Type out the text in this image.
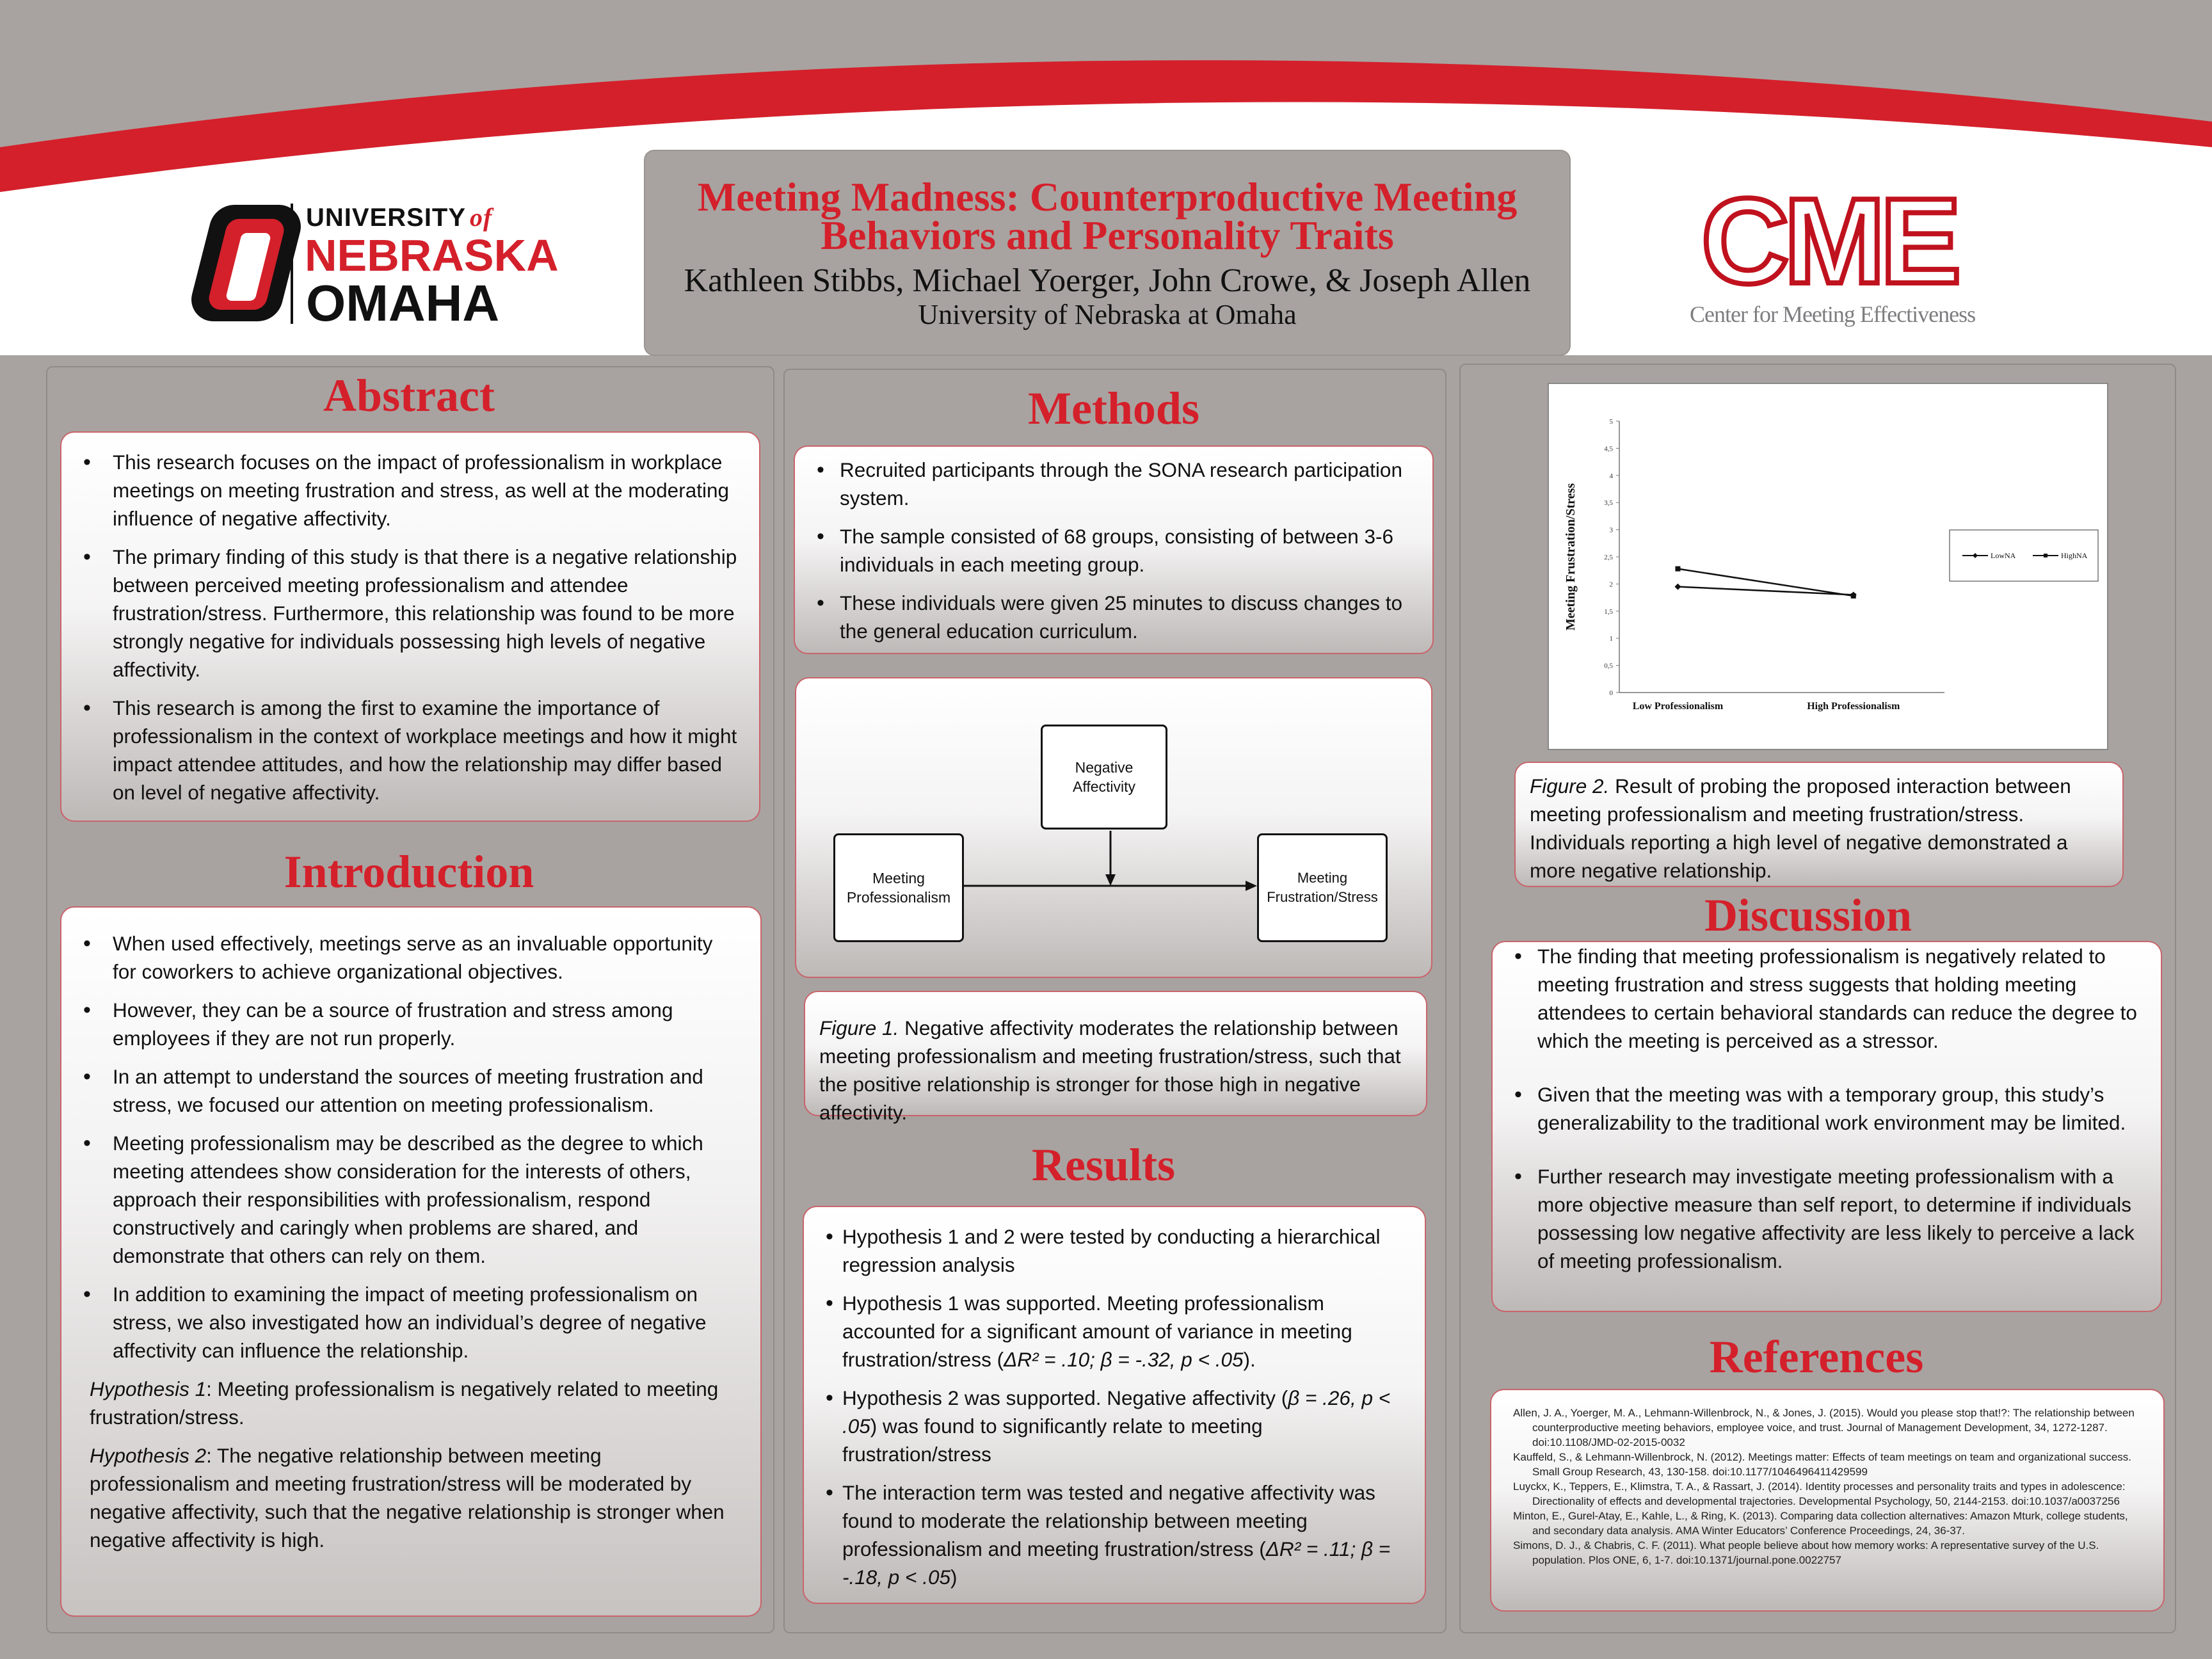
UNIVERSITY of
NEBRASKA
OMAHA
Meeting Madness: Counterproductive Meeting
Behaviors and Personality Traits
Kathleen Stibbs, Michael Yoerger, John Crowe, & Joseph Allen
University of Nebraska at Omaha
CME
Center for Meeting Effectiveness
Abstract
• This research focuses on the impact of professionalism in workplace meetings on meeting frustration and stress, as well at the moderating influence of negative affectivity.
• The primary finding of this study is that there is a negative relationship between perceived meeting professionalism and attendee frustration/stress. Furthermore, this relationship was found to be more strongly negative for individuals possessing high levels of negative affectivity.
• This research is among the first to examine the importance of professionalism in the context of workplace meetings and how it might impact attendee attitudes, and how the relationship may differ based on level of negative affectivity.
Introduction
• When used effectively, meetings serve as an invaluable opportunity for coworkers to achieve organizational objectives.
• However, they can be a source of frustration and stress among employees if they are not run properly.
• In an attempt to understand the sources of meeting frustration and stress, we focused our attention on meeting professionalism.
• Meeting professionalism may be described as the degree to which meeting attendees show consideration for the interests of others, approach their responsibilities with professionalism, respond constructively and caringly when problems are shared, and demonstrate that others can rely on them.
• In addition to examining the impact of meeting professionalism on stress, we also investigated how an individual’s degree of negative affectivity can influence the relationship.

Hypothesis 1: Meeting professionalism is negatively related to meeting frustration/stress.

Hypothesis 2: The negative relationship between meeting professionalism and meeting frustration/stress will be moderated by negative affectivity, such that the negative relationship is stronger when negative affectivity is high.

Methods
• Recruited participants through the SONA research participation system.
• The sample consisted of 68 groups, consisting of between 3-6 individuals in each meeting group.
• These individuals were given 25 minutes to discuss changes to the general education curriculum.
Negative Affectivity
Meeting Professionalism
Meeting Frustration/Stress

Figure 1. Negative affectivity moderates the relationship between meeting professionalism and meeting frustration/stress, such that the positive relationship is stronger for those high in negative affectivity.

Results
• Hypothesis 1 and 2 were tested by conducting a hierarchical regression analysis
• Hypothesis 1 was supported. Meeting professionalism accounted for a significant amount of variance in meeting frustration/stress (ΔR² = .10; β = -.32, p < .05).
• Hypothesis 2 was supported. Negative affectivity (β = .26, p < .05) was found to significantly relate to meeting frustration/stress
• The interaction term was tested and negative affectivity was found to moderate the relationship between meeting professionalism and meeting frustration/stress (ΔR² = .11; β = -.18, p < .05)
0
0,5
1
1,5
2
2,5
3
3,5
4
4,5
5
Low Professionalism	High Professionalism
Meeting Frustration/Stress	LowNA	HighNA

Figure 2. Result of probing the proposed interaction between meeting professionalism and meeting frustration/stress. Individuals reporting a high level of negative demonstrated a more negative relationship.

Discussion
• The finding that meeting professionalism is negatively related to meeting frustration and stress suggests that holding meeting attendees to certain behavioral standards can reduce the degree to which the meeting is perceived as a stressor.
• Given that the meeting was with a temporary group, this study’s generalizability to the traditional work environment may be limited.
• Further research may investigate meeting professionalism with a more objective measure than self report, to determine if individuals possessing low negative affectivity are less likely to perceive a lack of meeting professionalism.
References

Allen, J. A., Yoerger, M. A., Lehmann-Willenbrock, N., & Jones, J. (2015). Would you please stop that!?: The relationship between counterproductive meeting behaviors, employee voice, and trust. Journal of Management Development, 34, 1272-1287. doi:10.1108/JMD-02-2015-0032

Kauffeld, S., & Lehmann-Willenbrock, N. (2012). Meetings matter: Effects of team meetings on team and organizational success. Small Group Research, 43, 130-158. doi:10.1177/1046496411429599

Luyckx, K., Teppers, E., Klimstra, T. A., & Rassart, J. (2014). Identity processes and personality traits and types in adolescence: Directionality of effects and developmental trajectories. Developmental Psychology, 50, 2144-2153. doi:10.1037/a0037256

Minton, E., Gurel-Atay, E., Kahle, L., & Ring, K. (2013). Comparing data collection alternatives: Amazon Mturk, college students, and secondary data analysis. AMA Winter Educators’ Conference Proceedings, 24, 36-37.

Simons, D. J., & Chabris, C. F. (2011). What people believe about how memory works: A representative survey of the U.S. population. Plos ONE, 6, 1-7. doi:10.1371/journal.pone.0022757
